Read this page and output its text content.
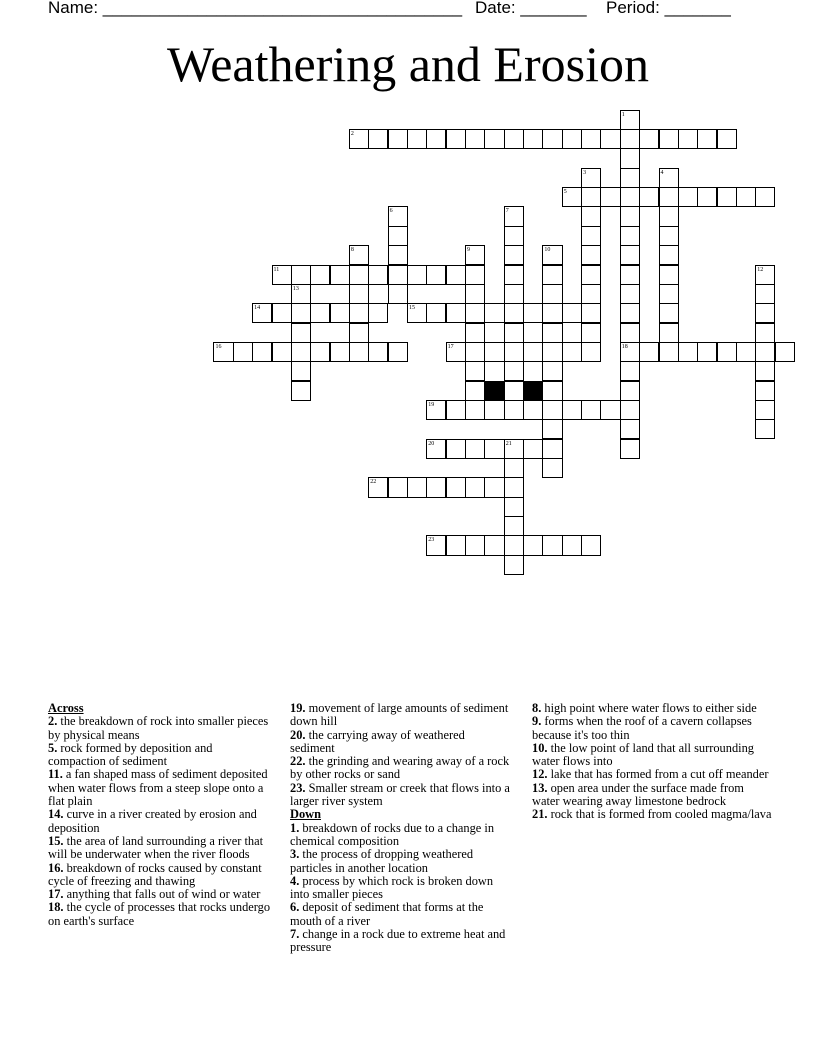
Name: ______________________________________ Date: _______ Period: _______
Weathering and Erosion
2
5
11
14	15
16	17	18
19
20
22
23
1
3	4
6	7
8	9	10
12
13
21

Across

2. the breakdown of rock into smaller pieces by physical means

5. rock formed by deposition and compaction of sediment

11. a fan shaped mass of sediment deposited when water flows from a steep slope onto a flat plain

14. curve in a river created by erosion and deposition

15. the area of land surrounding a river that will be underwater when the river floods

16. breakdown of rocks caused by constant cycle of freezing and thawing

17. anything that falls out of wind or water

18. the cycle of processes that rocks undergo on earth's surface

19. movement of large amounts of sediment down hill

20. the carrying away of weathered sediment

22. the grinding and wearing away of a rock by other rocks or sand

23. Smaller stream or creek that flows into a larger river system

Down

1. breakdown of rocks due to a change in chemical composition

3. the process of dropping weathered particles in another location

4. process by which rock is broken down into smaller pieces

6. deposit of sediment that forms at the mouth of a river

7. change in a rock due to extreme heat and pressure

8. high point where water flows to either side

9. forms when the roof of a cavern collapses because it's too thin

10. the low point of land that all surrounding water flows into

12. lake that has formed from a cut off meander

13. open area under the surface made from water wearing away limestone bedrock

21. rock that is formed from cooled magma/lava
